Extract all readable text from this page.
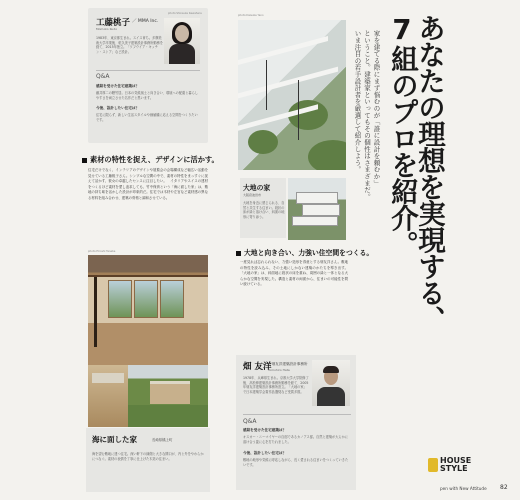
工藤桃子 ／ MMA Inc.
Momoko Kudo
photo:Shinsuke Kawahara
1983年、東京都生まれ。スイス育ち。多摩美術大学卒業後、乾久美子建築設計事務所勤務を経て、2015年独立。「ワフウイア・キッチン・ストア」など設計。
Q&A
感銘を受けた住宅建築は？
藤井厚二の聴竹居。日本の気候風土と向き合い、環境への配慮と暮らしやすさを両立させた名作だと思います。
今後、設計したい住宅は？
住宅に限らず、新しい生活スタイルや価値観に応える空間をつくりたいです。
素材の特性を捉え、デザインに活かす。
住宅だけでなく、インテリアのデザインや展覧会の会場構成など幅広い活動を見せている工藤桃子さん。シンプルな空間の中で、素材の特性をまっすぐに捉えて活かす、彼女の卓越したセンスに注目したい。　イタリアやスイスの建材をつくるほど素材を愛し追求しても、竹中保育という「海に面した家」は、敷地の持ち味を活かした設計が印象的だ。住宅では木材や左官など素材感の異なる材料を組み合わせ、建築の骨格と調和させている。
photo:Hiroshi Tanabe
海に面した家	長崎県橘上町
海を望む敷地に建つ住宅。深い軒下の縁側と大きな開口が、内と外をやわらかにつなぐ。素材の表情を丁寧に仕上げた木造の住まい。
photo:Daisuke Yano
大地の家
大阪府池田市
大地を身近に感じられる、自然と共生する住まい。段状の床が緑と溶け合い、斜面の地形に寄り添う。
大地と向き合い、力強い住空間をつくる。
一度見れば忘れられない、力強い造形を得意とする畑友洋さん。敷地の特性を読み込み、その土地にしかない建築のかたちを導き出す。「大地の家」は、斜面地に段状の床を重ね、周囲の緑と一体となる大らかな空間を実現した。構造と素材の両面から、住まいの可能性を問い続けている。
畑 友洋
／畑友洋建築設計事務所
Tomohiro Hata
1978年、兵庫県生まれ。京都大学大学院修了後、高松伸建築設計事務所勤務を経て、2005年畑友洋建築設計事務所設立。「大地の家」で日本建築学会賞作品選奨など受賞多数。
Q&A
感銘を受けた住宅建築は？
オスカー・ニーマイヤーの自邸であるカノアス邸。自然と建築が大らかに溶け合う姿に心を打たれました。
今後、設計したい住宅は？
敷地の地形や気候に呼応しながら、長く愛される住まいをつくっていきたいです。
あなたの理想を実現する、
7組のプロを紹介。
家を建てる際にまず悩むのが「誰に設計を頼むか」
ということ。建築家といってもその個性はさまざまだ。
いま注目の若手設計者を厳選して紹介しよう。
HOUSE
STYLE
pen with New Attitude 82
